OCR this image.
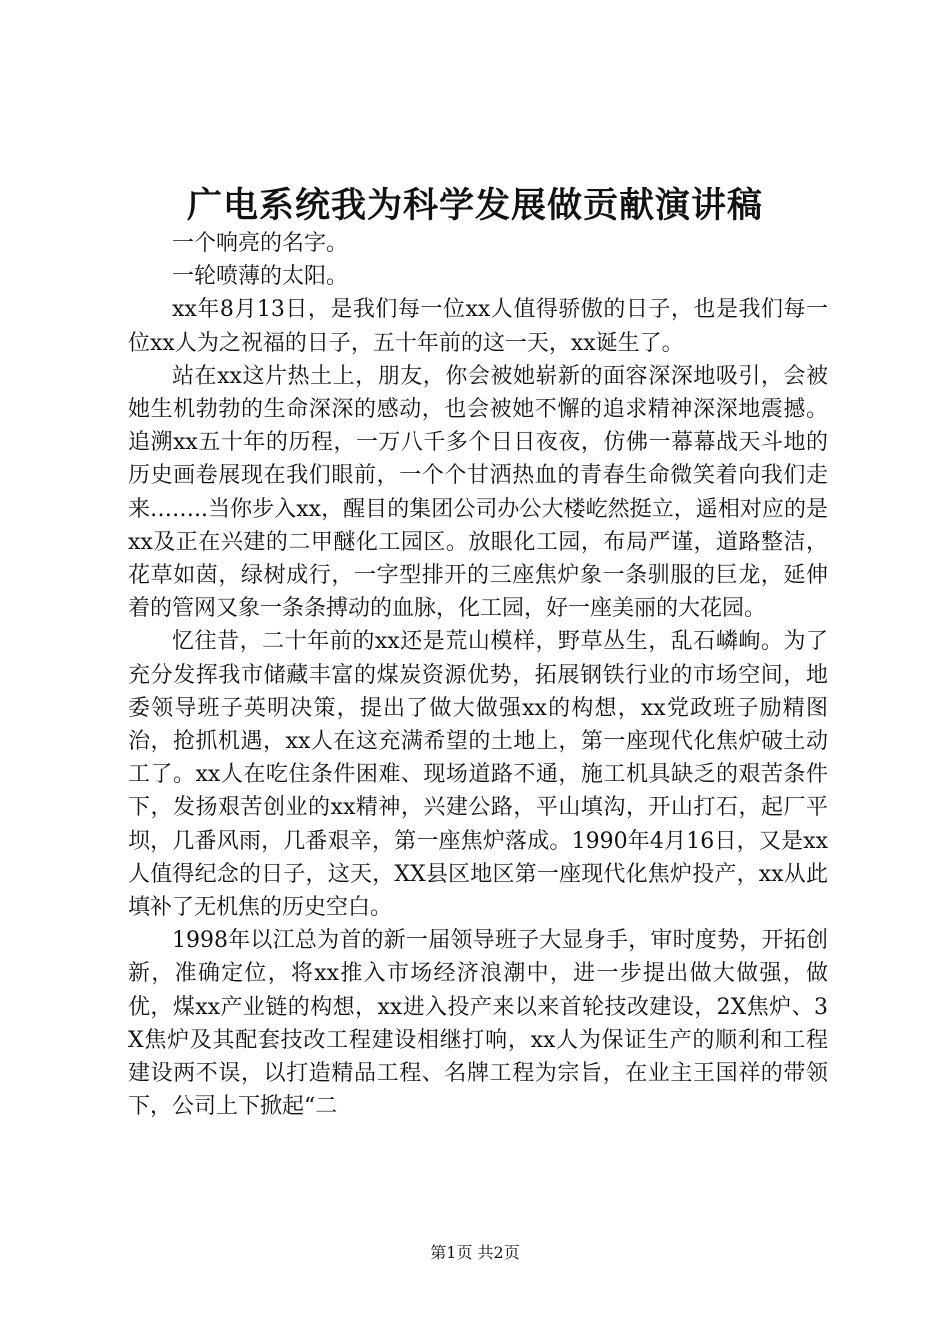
广电系统我为科学发展做贡献演讲稿

一个响亮的名字。

一轮喷薄的太阳。

xx年8月13日，是我们每一位xx人值得骄傲的日子，也是我们每一位xx人为之祝福的日子，五十年前的这一天，xx诞生了。

站在xx这片热土上，朋友，你会被她崭新的面容深深地吸引，会被她生机勃勃的生命深深的感动，也会被她不懈的追求精神深深地震撼。追溯xx五十年的历程，一万八千多个日日夜夜，仿佛一幕幕战天斗地的历史画卷展现在我们眼前，一个个甘洒热血的青春生命微笑着向我们走来……..当你步入xx，醒目的集团公司办公大楼屹然挺立，遥相对应的是xx及正在兴建的二甲醚化工园区。放眼化工园，布局严谨，道路整洁，花草如茵，绿树成行，一字型排开的三座焦炉象一条驯服的巨龙，延伸着的管网又象一条条搏动的血脉，化工园，好一座美丽的大花园。

忆往昔，二十年前的xx还是荒山模样，野草丛生，乱石嶙峋。为了充分发挥我市储藏丰富的煤炭资源优势，拓展钢铁行业的市场空间，地委领导班子英明决策，提出了做大做强xx的构想，xx党政班子励精图治，抢抓机遇，xx人在这充满希望的土地上，第一座现代化焦炉破土动工了。xx人在吃住条件困难、现场道路不通，施工机具缺乏的艰苦条件下，发扬艰苦创业的xx精神，兴建公路，平山填沟，开山打石，起厂平坝，几番风雨，几番艰辛，第一座焦炉落成。1990年4月16日，又是xx人值得纪念的日子，这天，XX县区地区第一座现代化焦炉投产，xx从此填补了无机焦的历史空白。

1998年以江总为首的新一届领导班子大显身手，审时度势，开拓创新，准确定位，将xx推入市场经济浪潮中，进一步提出做大做强，做优，煤xx产业链的构想，xx进入投产来以来首轮技改建设，2X焦炉、3X焦炉及其配套技改工程建设相继打响，xx人为保证生产的顺利和工程建设两不误，以打造精品工程、名牌工程为宗旨，在业主王国祥的带领下，公司上下掀起“二

第1页 共2页
